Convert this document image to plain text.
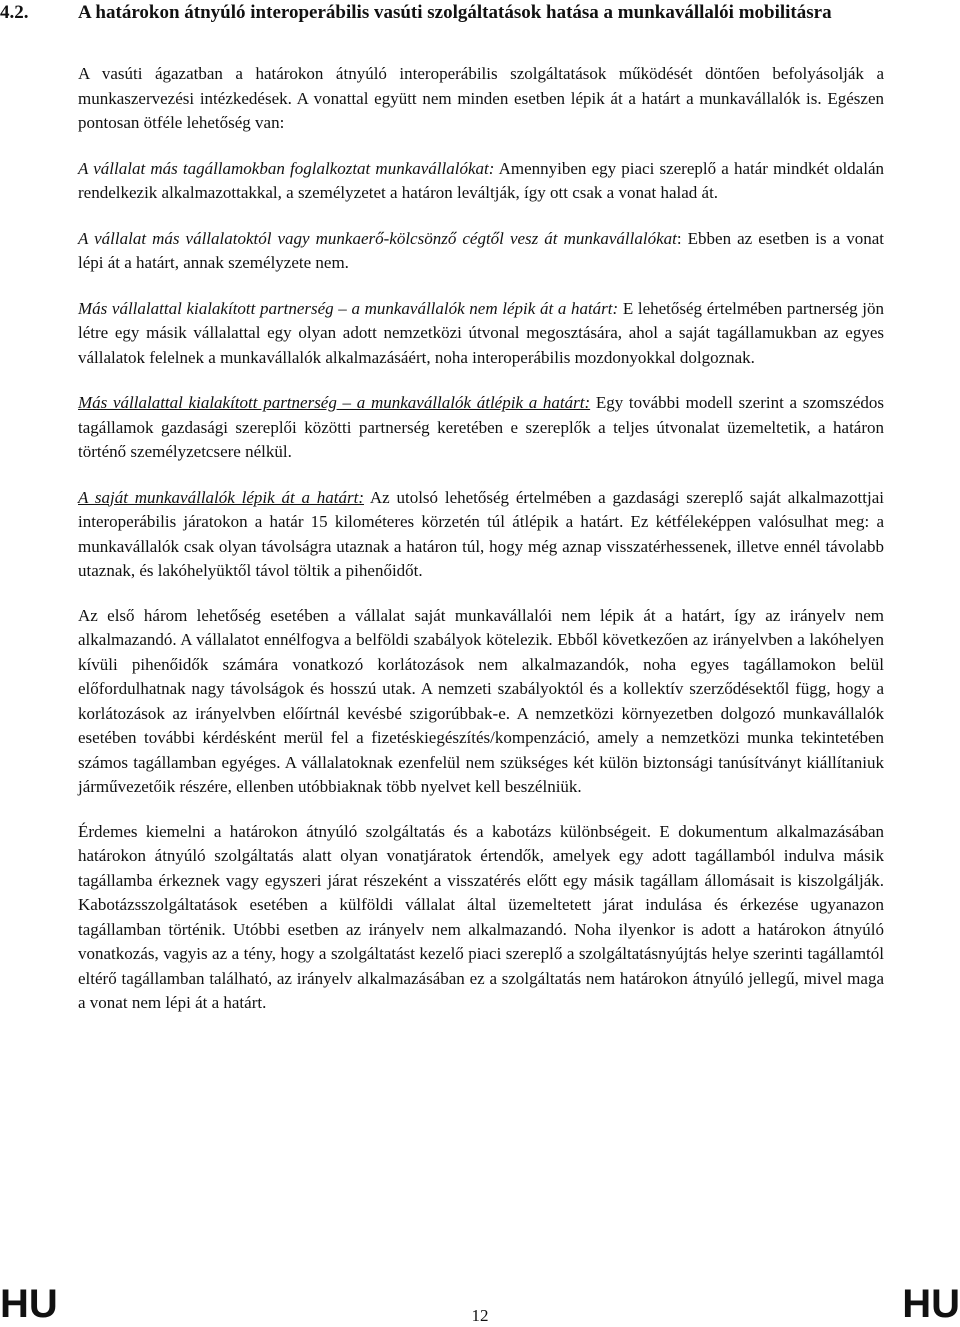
4.2.	A határokon átnyúló interoperábilis vasúti szolgáltatások hatása a munkavállalói mobilitásra

A vasúti ágazatban a határokon átnyúló interoperábilis szolgáltatások működését döntően befolyásolják a munkaszervezési intézkedések. A vonattal együtt nem minden esetben lépik át a határt a munkavállalók is. Egészen pontosan ötféle lehetőség van:

A vállalat más tagállamokban foglalkoztat munkavállalókat: Amennyiben egy piaci szereplő a határ mindkét oldalán rendelkezik alkalmazottakkal, a személyzetet a határon leváltják, így ott csak a vonat halad át.

A vállalat más vállalatoktól vagy munkaerő-kölcsönző cégtől vesz át munkavállalókat: Ebben az esetben is a vonat lépi át a határt, annak személyzete nem.

Más vállalattal kialakított partnerség – a munkavállalók nem lépik át a határt: E lehetőség értelmében partnerség jön létre egy másik vállalattal egy olyan adott nemzetközi útvonal megosztására, ahol a saját tagállamukban az egyes vállalatok felelnek a munkavállalók alkalmazásáért, noha interoperábilis mozdonyokkal dolgoznak.

Más vállalattal kialakított partnerség – a munkavállalók átlépik a határt: Egy további modell szerint a szomszédos tagállamok gazdasági szereplői közötti partnerség keretében e szereplők a teljes útvonalat üzemeltetik, a határon történő személyzetcsere nélkül.

A saját munkavállalók lépik át a határt: Az utolsó lehetőség értelmében a gazdasági szereplő saját alkalmazottjai interoperábilis járatokon a határ 15 kilométeres körzetén túl átlépik a határt. Ez kétféleképpen valósulhat meg: a munkavállalók csak olyan távolságra utaznak a határon túl, hogy még aznap visszatérhessenek, illetve ennél távolabb utaznak, és lakóhelyüktől távol töltik a pihenőidőt.

Az első három lehetőség esetében a vállalat saját munkavállalói nem lépik át a határt, így az irányelv nem alkalmazandó. A vállalatot ennélfogva a belföldi szabályok kötelezik. Ebből következően az irányelvben a lakóhelyen kívüli pihenőidők számára vonatkozó korlátozások nem alkalmazandók, noha egyes tagállamokon belül előfordulhatnak nagy távolságok és hosszú utak. A nemzeti szabályoktól és a kollektív szerződésektől függ, hogy a korlátozások az irányelvben előírtnál kevésbé szigorúbbak-e. A nemzetközi környezetben dolgozó munkavállalók esetében további kérdésként merül fel a fizetéskiegészítés/kompenzáció, amely a nemzetközi munka tekintetében számos tagállamban egyéges. A vállalatoknak ezenfelül nem szükséges két külön biztonsági tanúsítványt kiállítaniuk járművezetőik részére, ellenben utóbbiaknak több nyelvet kell beszélniük.

Érdemes kiemelni a határokon átnyúló szolgáltatás és a kabotázs különbségeit. E dokumentum alkalmazásában határokon átnyúló szolgáltatás alatt olyan vonatjáratok értendők, amelyek egy adott tagállamból indulva másik tagállamba érkeznek vagy egyszeri járat részeként a visszatérés előtt egy másik tagállam állomásait is kiszolgálják. Kabotázsszolgáltatások esetében a külföldi vállalat által üzemeltetett járat indulása és érkezése ugyanazon tagállamban történik. Utóbbi esetben az irányelv nem alkalmazandó. Noha ilyenkor is adott a határokon átnyúló vonatkozás, vagyis az a tény, hogy a szolgáltatást kezelő piaci szereplő a szolgáltatásnyújtás helye szerinti tagállamtól eltérő tagállamban található, az irányelv alkalmazásában ez a szolgáltatás nem határokon átnyúló jellegű, mivel maga a vonat nem lépi át a határt.

HU	12	HU
